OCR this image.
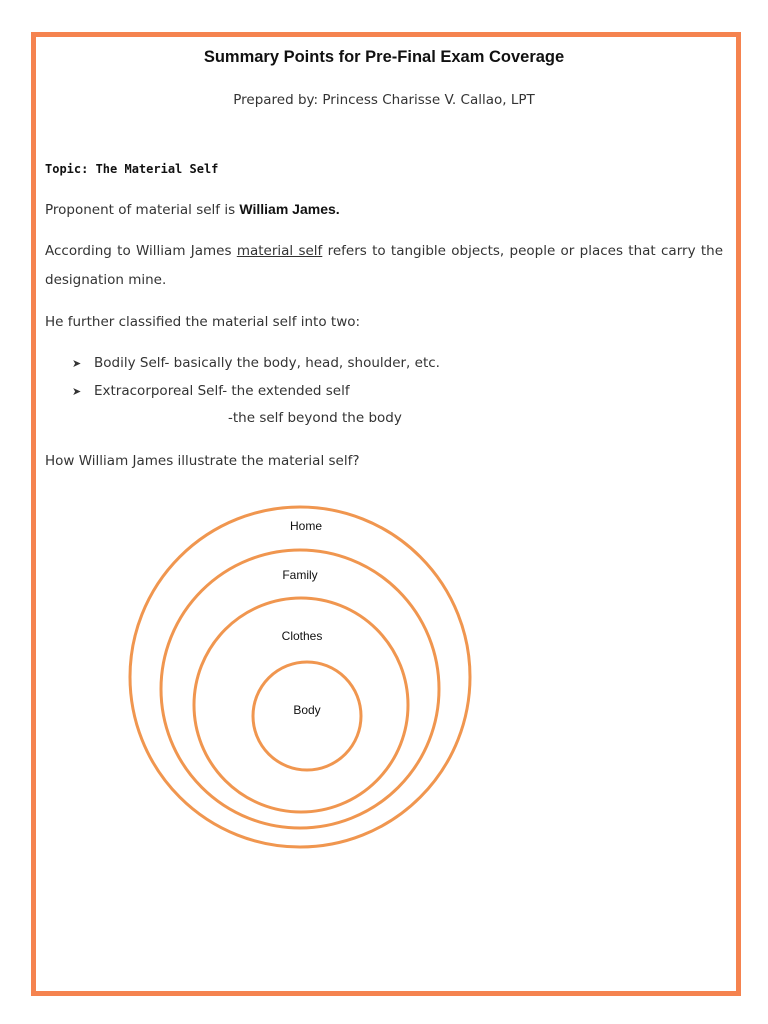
Summary Points for Pre-Final Exam Coverage
Prepared by: Princess Charisse V. Callao, LPT
Topic: The Material Self
Proponent of material self is William James.
According to William James material self refers to tangible objects, people or places that carry the designation mine.
He further classified the material self into two:
➤ Bodily Self- basically the body, head, shoulder, etc.
➤ Extracorporeal Self- the extended self
-the self beyond the body
How William James illustrate the material self?
Home
Family
Clothes
Body
